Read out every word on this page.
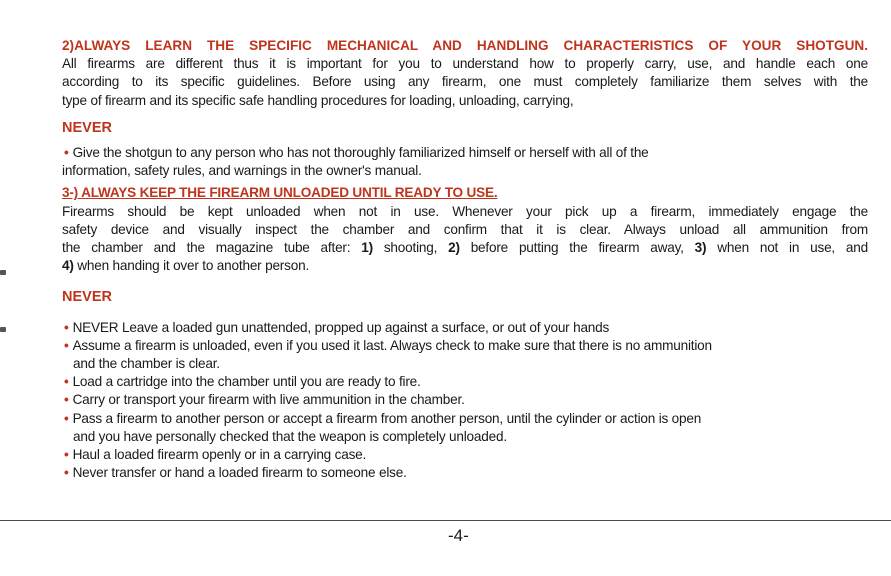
2)ALWAYS LEARN THE SPECIFIC MECHANICAL AND HANDLING CHARACTERISTICS OF YOUR SHOTGUN.

All firearms are different thus it is important for you to understand how to properly carry, use, and handle each one
according to its specific guidelines. Before using any firearm, one must completely familiarize them selves with the
type of firearm and its specific safe handling procedures for loading, unloading, carrying,

NEVER

• Give the shotgun to any person who has not thoroughly familiarized himself or herself with all of the
information, safety rules, and warnings in the owner's manual.

3-) ALWAYS KEEP THE FIREARM UNLOADED UNTIL READY TO USE.

Firearms should be kept unloaded when not in use. Whenever your pick up a firearm, immediately engage the
safety device and visually inspect the chamber and confirm that it is clear. Always unload all ammunition from
the chamber and the magazine tube after: 1) shooting, 2) before putting the firearm away, 3) when not in use, and
4) when handing it over to another person.

NEVER

• NEVER Leave a loaded gun unattended, propped up against a surface, or out of your hands
• Assume a firearm is unloaded, even if you used it last. Always check to make sure that there is no ammunition
and the chamber is clear.
• Load a cartridge into the chamber until you are ready to fire.
• Carry or transport your firearm with live ammunition in the chamber.
• Pass a firearm to another person or accept a firearm from another person, until the cylinder or action is open
and you have personally checked that the weapon is completely unloaded.
• Haul a loaded firearm openly or in a carrying case.
• Never transfer or hand a loaded firearm to someone else.
-4-
